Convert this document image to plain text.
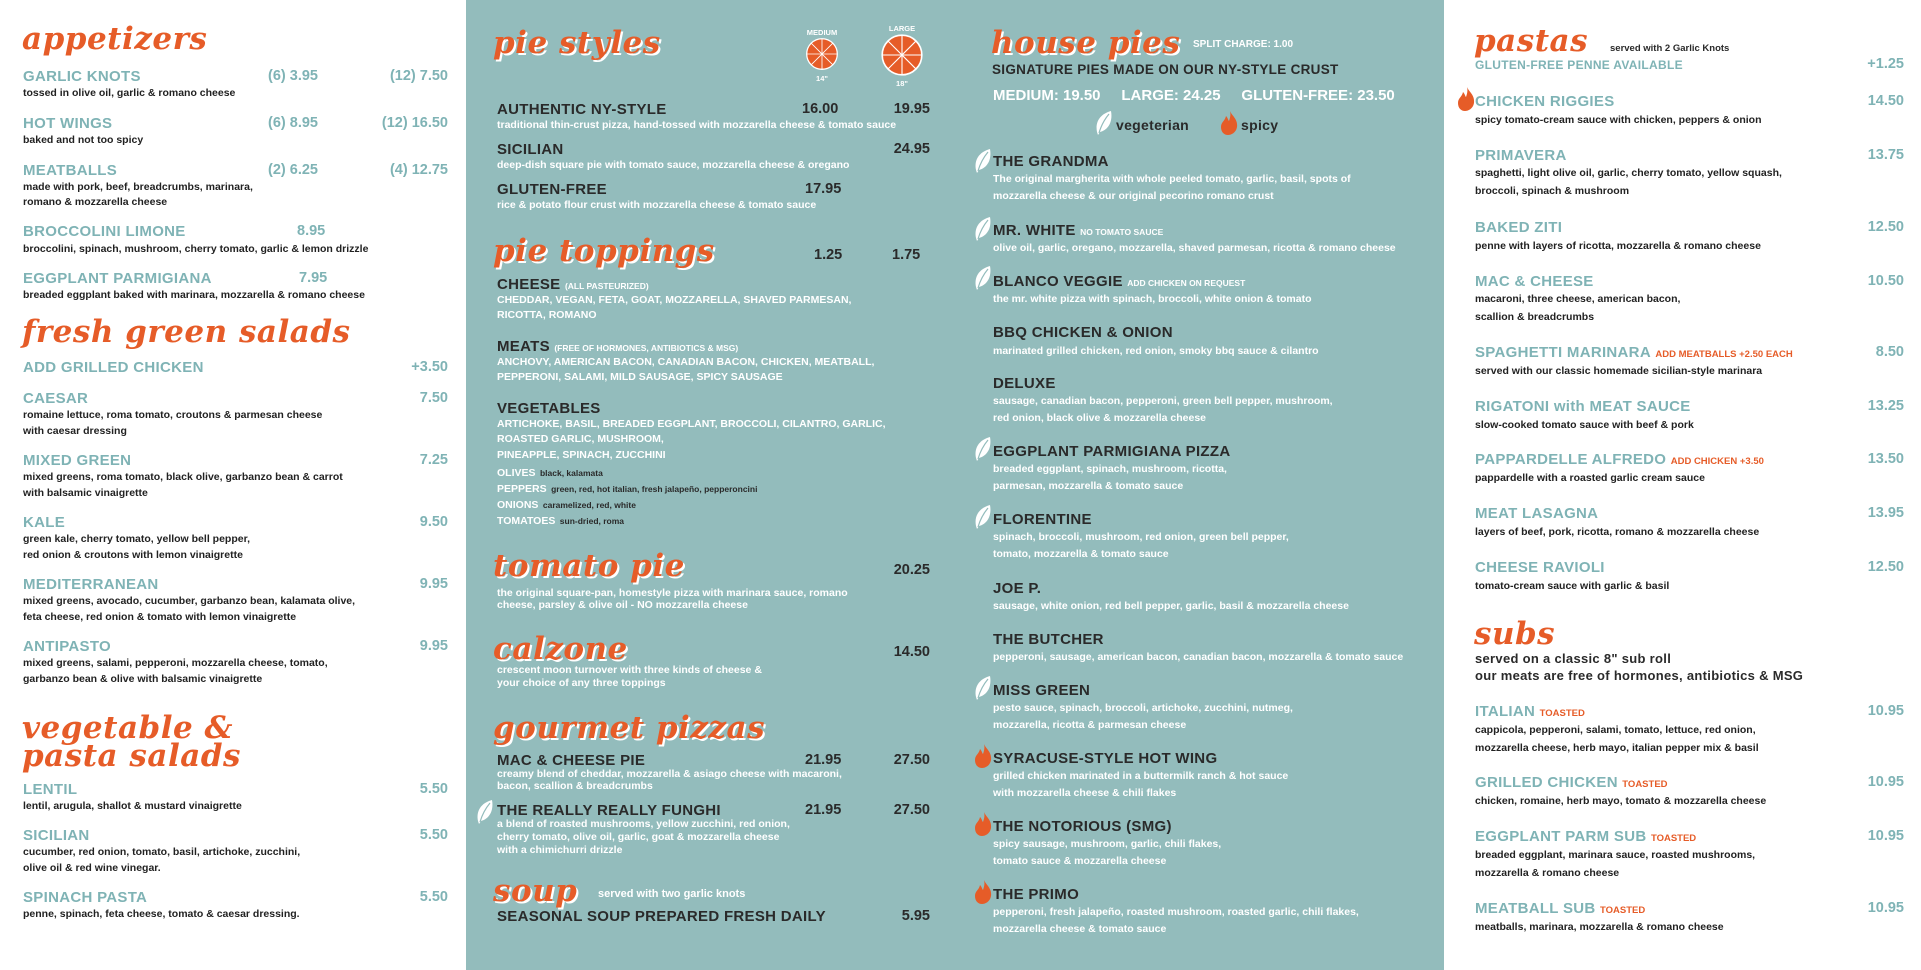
appetizers
GARLIC KNOTS	(6) 3.95	(12) 7.50
tossed in olive oil, garlic & romano cheese
HOT WINGS	(6) 8.95	(12) 16.50
baked and not too spicy
MEATBALLS	(2) 6.25	(4) 12.75
made with pork, beef, breadcrumbs, marinara,
romano & mozzarella cheese
BROCCOLINI LIMONE	8.95
broccolini, spinach, mushroom, cherry tomato, garlic & lemon drizzle
EGGPLANT PARMIGIANA	7.95
breaded eggplant baked with marinara, mozzarella & romano cheese
fresh green salads
ADD GRILLED CHICKEN	+3.50
CAESAR	7.50
romaine lettuce, roma tomato, croutons & parmesan cheese
with caesar dressing
MIXED GREEN	7.25
mixed greens, roma tomato, black olive, garbanzo bean & carrot
with balsamic vinaigrette
KALE	9.50
green kale, cherry tomato, yellow bell pepper,
red onion & croutons with lemon vinaigrette
MEDITERRANEAN	9.95
mixed greens, avocado, cucumber, garbanzo bean, kalamata olive,
feta cheese, red onion & tomato with lemon vinaigrette
ANTIPASTO	9.95
mixed greens, salami, pepperoni, mozzarella cheese, tomato,
garbanzo bean & olive with balsamic vinaigrette
vegetable &
pasta salads
LENTIL	5.50
lentil, arugula, shallot & mustard vinaigrette
SICILIAN	5.50
cucumber, red onion, tomato, basil, artichoke, zucchini,
olive oil & red wine vinegar.
SPINACH PASTA	5.50
penne, spinach, feta cheese, tomato & caesar dressing.
pie styles	MEDIUM
14"
LARGE
18"
AUTHENTIC NY-STYLE	16.00	19.95
traditional thin-crust pizza, hand-tossed with mozzarella cheese & tomato sauce
SICILIAN	24.95
deep-dish square pie with tomato sauce, mozzarella cheese & oregano
GLUTEN-FREE	17.95
rice & potato flour crust with mozzarella cheese & tomato sauce
pie toppings	1.25	1.75
CHEESE (ALL PASTEURIZED)
CHEDDAR, VEGAN, FETA, GOAT, MOZZARELLA, SHAVED PARMESAN,
RICOTTA, ROMANO
MEATS (FREE OF HORMONES, ANTIBIOTICS & MSG)
ANCHOVY, AMERICAN BACON, CANADIAN BACON, CHICKEN, MEATBALL,
PEPPERONI, SALAMI, MILD SAUSAGE, SPICY SAUSAGE
VEGETABLES
ARTICHOKE, BASIL, BREADED EGGPLANT, BROCCOLI, CILANTRO, GARLIC,
ROASTED GARLIC, MUSHROOM,
PINEAPPLE, SPINACH, ZUCCHINI
OLIVES black, kalamata
PEPPERS green, red, hot italian, fresh jalapeño, pepperoncini
ONIONS caramelized, red, white
TOMATOES sun-dried, roma
tomato pie	20.25
the original square-pan, homestyle pizza with marinara sauce, romano
cheese, parsley & olive oil - NO mozzarella cheese
calzone	14.50
crescent moon turnover with three kinds of cheese &
your choice of any three toppings
gourmet pizzas
MAC & CHEESE PIE	21.95	27.50
creamy blend of cheddar, mozzarella & asiago cheese with macaroni,
bacon, scallion & breadcrumbs
THE REALLY REALLY FUNGHI	21.95	27.50
a blend of roasted mushrooms, yellow zucchini, red onion,
cherry tomato, olive oil, garlic, goat & mozzarella cheese
with a chimichurri drizzle
soup served with two garlic knots
SEASONAL SOUP PREPARED FRESH DAILY	5.95
house pies SPLIT CHARGE: 1.00
SIGNATURE PIES MADE ON OUR NY-STYLE CRUST
MEDIUM: 19.50     LARGE: 24.25     GLUTEN-FREE: 23.50
vegeterian	spicy
THE GRANDMA
The original margherita with whole peeled tomato, garlic, basil, spots of
mozzarella cheese & our original pecorino romano crust
MR. WHITE NO TOMATO SAUCE
olive oil, garlic, oregano, mozzarella, shaved parmesan, ricotta & romano cheese
BLANCO VEGGIE ADD CHICKEN ON REQUEST
the mr. white pizza with spinach, broccoli, white onion & tomato
BBQ CHICKEN & ONION
marinated grilled chicken, red onion, smoky bbq sauce & cilantro
DELUXE
sausage, canadian bacon, pepperoni, green bell pepper, mushroom,
red onion, black olive & mozzarella cheese
EGGPLANT PARMIGIANA PIZZA
breaded eggplant, spinach, mushroom, ricotta,
parmesan, mozzarella & tomato sauce
FLORENTINE
spinach, broccoli, mushroom, red onion, green bell pepper,
tomato, mozzarella & tomato sauce
JOE P.
sausage, white onion, red bell pepper, garlic, basil & mozzarella cheese
THE BUTCHER
pepperoni, sausage, american bacon, canadian bacon, mozzarella & tomato sauce
MISS GREEN
pesto sauce, spinach, broccoli, artichoke, zucchini, nutmeg,
mozzarella, ricotta & parmesan cheese
SYRACUSE-STYLE HOT WING
grilled chicken marinated in a buttermilk ranch & hot sauce
with mozzarella cheese & chili flakes
THE NOTORIOUS (SMG)
spicy sausage, mushroom, garlic, chili flakes,
tomato sauce & mozzarella cheese
THE PRIMO
pepperoni, fresh jalapeño, roasted mushroom, roasted garlic, chili flakes,
mozzarella cheese & tomato sauce
pastas served with 2 Garlic Knots
GLUTEN-FREE PENNE AVAILABLE	+1.25
CHICKEN RIGGIES	14.50
spicy tomato-cream sauce with chicken, peppers & onion
PRIMAVERA	13.75
spaghetti, light olive oil, garlic, cherry tomato, yellow squash,
broccoli, spinach & mushroom
BAKED ZITI	12.50
penne with layers of ricotta, mozzarella & romano cheese
MAC & CHEESE	10.50
macaroni, three cheese, american bacon,
scallion & breadcrumbs
SPAGHETTI MARINARA ADD MEATBALLS +2.50 EACH	8.50
served with our classic homemade sicilian-style marinara
RIGATONI with MEAT SAUCE	13.25
slow-cooked tomato sauce with beef & pork
PAPPARDELLE ALFREDO ADD CHICKEN +3.50	13.50
pappardelle with a roasted garlic cream sauce
MEAT LASAGNA	13.95
layers of beef, pork, ricotta, romano & mozzarella cheese
CHEESE RAVIOLI	12.50
tomato-cream sauce with garlic & basil
subs
served on a classic 8" sub roll
our meats are free of hormones, antibiotics & MSG
ITALIAN TOASTED	10.95
cappicola, pepperoni, salami, tomato, lettuce, red onion,
mozzarella cheese, herb mayo, italian pepper mix & basil
GRILLED CHICKEN TOASTED	10.95
chicken, romaine, herb mayo, tomato & mozzarella cheese
EGGPLANT PARM SUB TOASTED	10.95
breaded eggplant, marinara sauce, roasted mushrooms,
mozzarella & romano cheese
MEATBALL SUB TOASTED	10.95
meatballs, marinara, mozzarella & romano cheese
